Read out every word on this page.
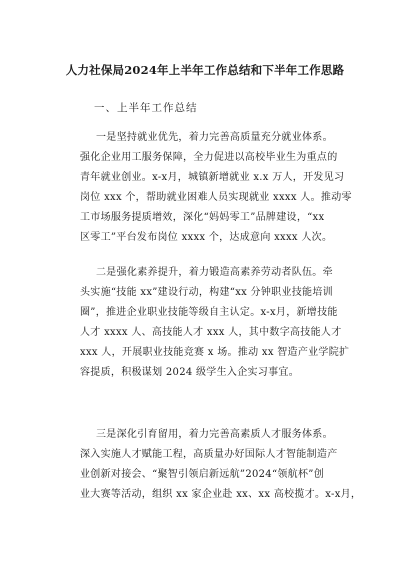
人力社保局2024年上半年工作总结和下半年工作思路
一、上半年工作总结
一是坚持就业优先，着力完善高质量充分就业体系。
强化企业用工服务保障，全力促进以高校毕业生为重点的
青年就业创业。x-x月，城镇新增就业 x.x 万人，开发见习
岗位 xxx 个，帮助就业困难人员实现就业 xxxx 人。推动零
工市场服务提质增效，深化“妈妈零工”品牌建设，“xx
区零工”平台发布岗位 xxxx 个，达成意向 xxxx 人次。
二是强化素养提升，着力锻造高素养劳动者队伍。牵
头实施“技能 xx”建设行动，构建“xx 分钟职业技能培训
圈”，推进企业职业技能等级自主认定。x-x月，新增技能
人才 xxxx 人、高技能人才 xxx 人，其中数字高技能人才
xxx 人，开展职业技能竞赛 x 场。推动 xx 智造产业学院扩
容提质，积极谋划 2024 级学生入企实习事宜。
三是深化引育留用，着力完善高素质人才服务体系。
深入实施人才赋能工程，高质量办好国际人才智能制造产
业创新对接会、“聚智引领启新远航”2024“领航杯”创
业大赛等活动，组织 xx 家企业赴 xx、xx 高校揽才。x-x月，
